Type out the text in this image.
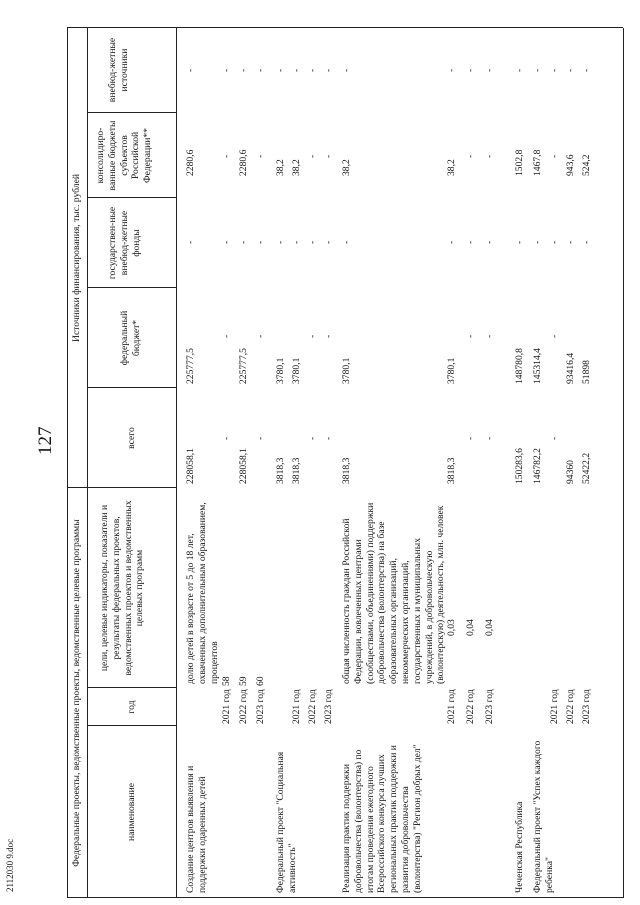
127
2112030 9.doc	Федеральные проекты, ведомственные проекты, ведомственные целевые программы
Источники финансирования, тыс. рублей
наименование
год
цели, целевые индикаторы, показатели и результаты федеральных проектов, ведомственных проектов и ведомственных целевых программ
всего
федеральный бюджет*
государствен-ные внебюд-жетные фонды
консолидиро-ванные бюджеты субъектов Российской Федерации**
внебюд-жетные источники
Создание центров выявления и поддержки одаренных детей
долю детей в возрасте от 5 до 18 лет, охваченных дополнительным образованием, процентов
228058,1
225777,5
-
2280,6
-
2021 год
58
-
-
-
-
-
2022 год
59
228058,1
225777,5
-
2280,6
-
2023 год
60
-
-
-
-
-
Федеральный проект "Социальная активность"
3818,3
3780,1
-
38,2
-
2021 год
3818,3
3780,1
-
38,2
-
2022 год
-
-
-
-
-
2023 год
-
-
-
-
-
Реализация практик поддержки добровольчества (волонтерства) по итогам проведения ежегодного Всероссийского конкурса лучших региональных практик поддержки и развития добровольчества (волонтерства) "Регион добрых дел"
общая численность граждан Российской Федерации, вовлеченных центрами (сообществами, объединениями) поддержки добровольчества (волонтерства) на базе образовательных организаций, некоммерческих организаций, государственных и муниципальных учреждений, в добровольческую (волонтерскую) деятельность, млн. человек
3818,3
3780,1
-
38,2
-
2021 год
0,03
3818,3
3780,1
-
38,2
-
2022 год
0,04
-
-
-
-
-
2023 год
0,04
-
-
-
-
-
Чеченская Республика
150283,6
148780,8
-
1502,8
-
Федеральный проект "Успех каждого ребенка"
146782,2
145314,4
-
1467,8
-
2021 год
-
-
-
-
-
2022 год
94360
93416,4
-
943,6
-
2023 год
52422,2
51898
-
524,2
-
